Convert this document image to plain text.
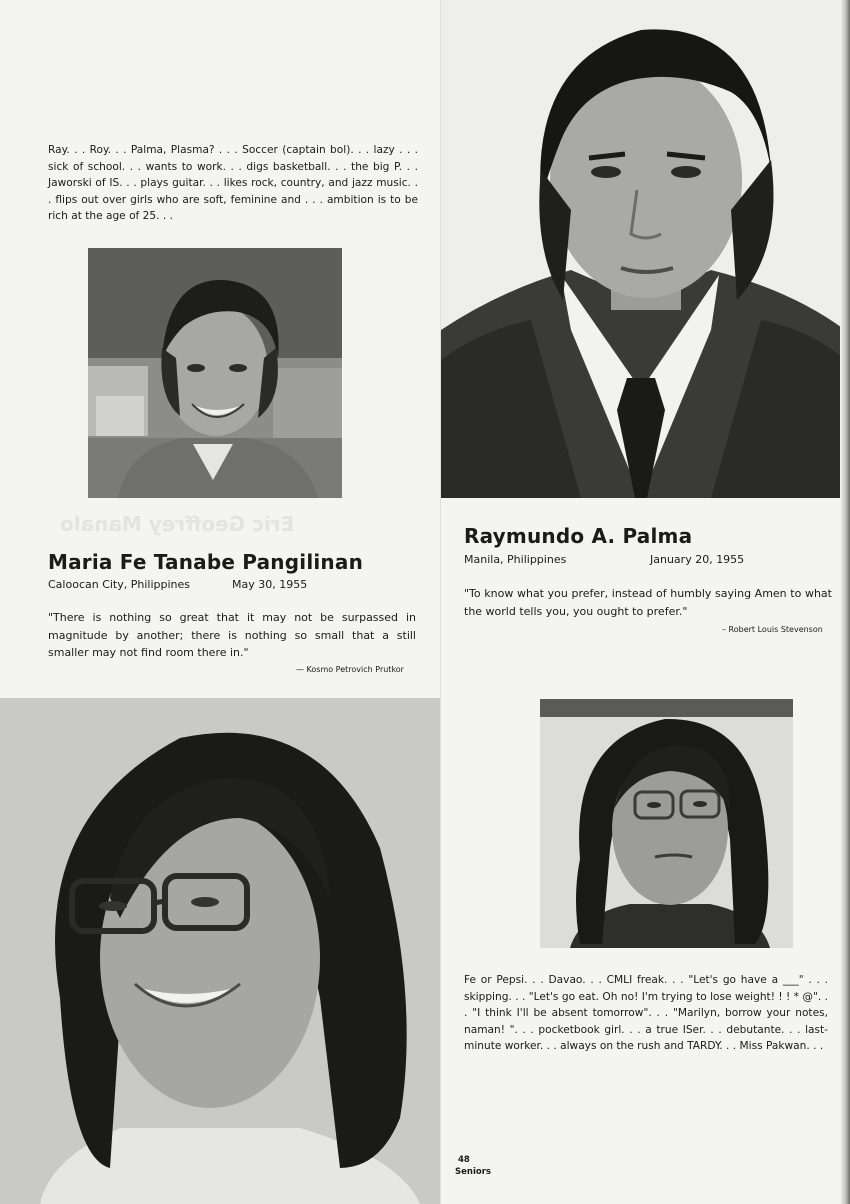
Eric Geoffrey Manalo

Ray. . . Roy. . . Palma, Plasma? . . . Soccer (captain bol). . . lazy . . . sick of school. . . wants to work. . . digs basketball. . . the big P. . . Jaworski of IS. . . plays guitar. . . likes rock, country, and jazz music. . . flips out over girls who are soft, feminine and . . . ambition is to be rich at the age of 25. . .

Maria Fe Tanabe Pangilinan

Caloocan City, Philippines	May 30, 1955

"There is nothing so great that it may not be surpassed in magnitude by another; there is nothing so small that a still smaller may not find room there in."

— Kosmo Petrovich Prutkor

Raymundo A. Palma

Manila, Philippines	January 20, 1955

"To know what you prefer, instead of humbly saying Amen to what the world tells you, you ought to prefer."

– Robert Louis Stevenson

Fe or Pepsi. . . Davao. . . CMLI freak. . . "Let's go have a ___" . . . skipping. . . "Let's go eat. Oh no! I'm trying to lose weight! ! ! * @". . . "I think I'll be absent tomorrow". . . "Marilyn, borrow your notes, naman! ". . . pocketbook girl. . . a true ISer. . . debutante. . . last-minute worker. . . always on the rush and TARDY. . . Miss Pakwan. . .

48

Seniors
